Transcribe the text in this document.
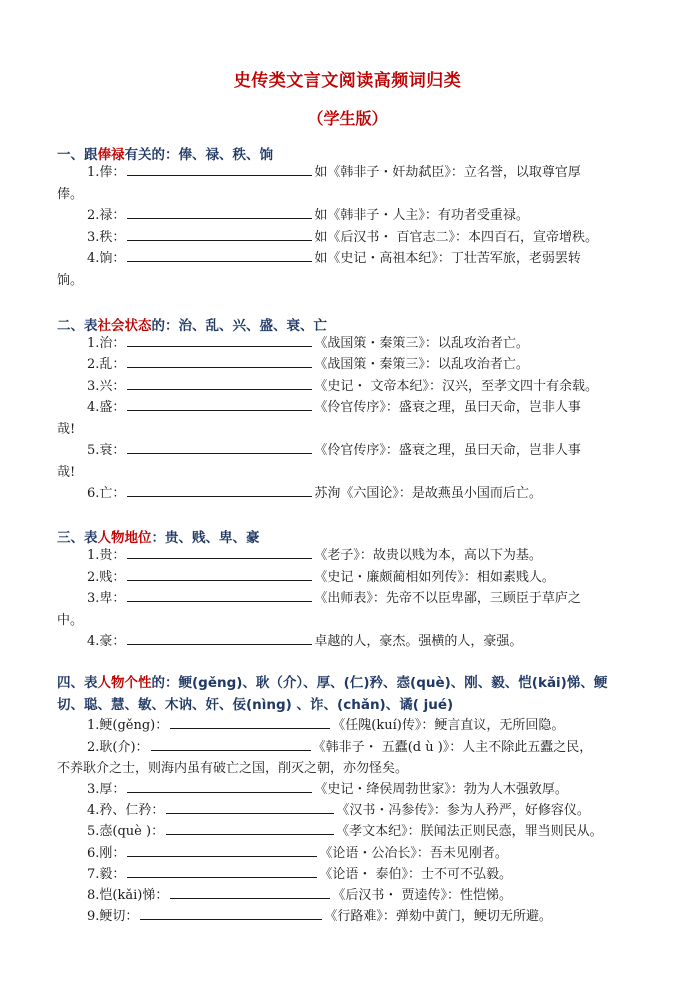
史传类文言文阅读高频词归类
（学生版）
一、跟俸禄有关的：俸、禄、秩、饷
1.俸：	如《韩非子・奸劫弑臣》：立名誉，以取尊官厚
俸。
2.禄：	如《韩非子・人主》：有功者受重禄。
3.秩：	如《后汉书・ 百官志二》：本四百石，宣帝增秩。
4.饷：	如《史记・高祖本纪》：丁壮苦军旅，老弱罢转
饷。
二、表社会状态的：治、乱、兴、盛、衰、亡
1.治：	《战国策・秦策三》：以乱攻治者亡。
2.乱：	《战国策・秦策三》：以乱攻治者亡。
3.兴：	《史记・ 文帝本纪》：汉兴，至孝文四十有余载。
4.盛：	《伶官传序》：盛衰之理，虽曰天命，岂非人事
哉!
5.衰：	《伶官传序》：盛衰之理，虽曰天命，岂非人事
哉!
6.亡：	苏洵《六国论》：是故燕虽小国而后亡。
三、表人物地位：贵、贱、卑、豪
1.贵：	《老子》：故贵以贱为本，高以下为基。
2.贱：	《史记・廉颇蔺相如列传》：相如素贱人。
3.卑：	《出师表》：先帝不以臣卑鄙，三顾臣于草庐之
中。
4.豪：	卓越的人，豪杰。强横的人，豪强。
四、表人物个性的：鲠(gěng)、耿（介）、厚、(仁)矜、悫(què)、刚、毅、恺(kǎi)悌、鲠切、聪、慧、敏、木讷、奸、佞(nìng) 、诈、(chǎn)、谲( jué)
1.鲠(gěng)：	《任隗(kuí)传》：鲠言直议，无所回隐。
2.耿(介)：	《韩非子・ 五蠹(d ù )》：人主不除此五蠹之民，
不养耿介之士，则海内虽有破亡之国，削灭之朝，亦勿怪矣。
3.厚：	《史记・绛侯周勃世家》：勃为人木强敦厚。
4.矜、仁矜：	《汉书・冯参传》：参为人矜严，好修容仪。
5.悫(què )：	《孝文本纪》：朕闻法正则民悫，罪当则民从。
6.刚：	《论语・公冶长》：吾未见刚者。
7.毅：	《论语・ 泰伯》：士不可不弘毅。
8.恺(kǎi)悌：	《后汉书・ 贾逵传》：性恺悌。
9.鲠切：	《行路难》：弹劾中黄门，鲠切无所避。
